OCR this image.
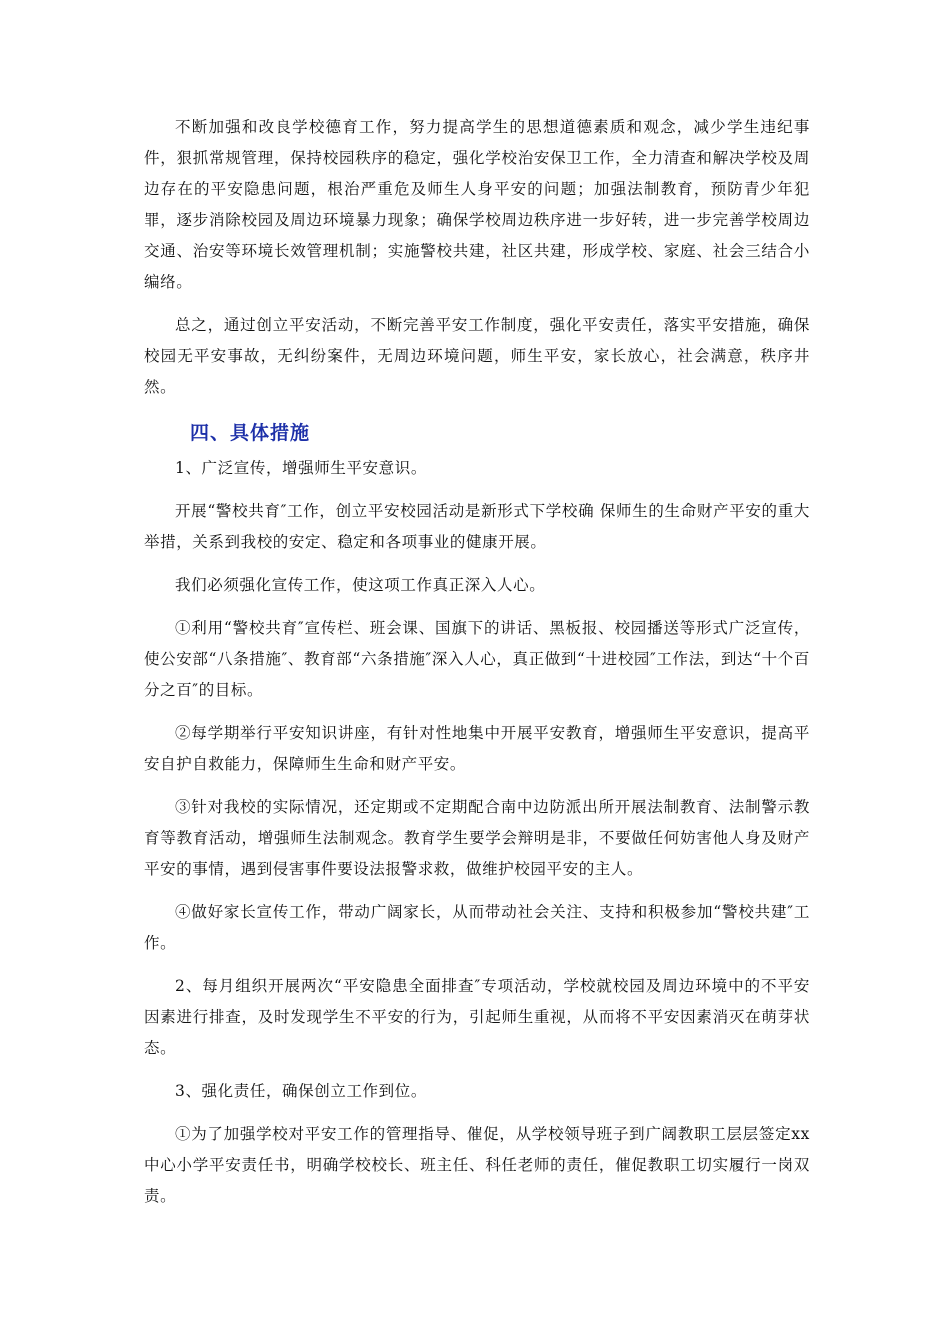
不断加强和改良学校德育工作，努力提高学生的思想道德素质和观念，减少学生违纪事件，狠抓常规管理，保持校园秩序的稳定，强化学校治安保卫工作，全力清查和解决学校及周边存在的平安隐患问题，根治严重危及师生人身平安的问题；加强法制教育，预防青少年犯罪，逐步消除校园及周边环境暴力现象；确保学校周边秩序进一步好转，进一步完善学校周边交通、治安等环境长效管理机制；实施警校共建，社区共建，形成学校、家庭、社会三结合小编络。

总之，通过创立平安活动，不断完善平安工作制度，强化平安责任，落实平安措施，确保校园无平安事故，无纠纷案件，无周边环境问题，师生平安，家长放心，社会满意，秩序井然。

四、具体措施

1、广泛宣传，增强师生平安意识。

开展“警校共育″工作，创立平安校园活动是新形式下学校确 保师生的生命财产平安的重大举措，关系到我校的安定、稳定和各项事业的健康开展。

我们必须强化宣传工作，使这项工作真正深入人心。

①利用“警校共育″宣传栏、班会课、国旗下的讲话、黑板报、校园播送等形式广泛宣传，使公安部“八条措施″、教育部“六条措施″深入人心，真正做到“十进校园″工作法，到达“十个百分之百″的目标。

②每学期举行平安知识讲座，有针对性地集中开展平安教育，增强师生平安意识，提高平安自护自救能力，保障师生生命和财产平安。

③针对我校的实际情况，还定期或不定期配合南中边防派出所开展法制教育、法制警示教育等教育活动，增强师生法制观念。教育学生要学会辩明是非，不要做任何妨害他人身及财产平安的事情，遇到侵害事件要设法报警求救，做维护校园平安的主人。

④做好家长宣传工作，带动广阔家长，从而带动社会关注、支持和积极参加“警校共建″工作。

2、每月组织开展两次“平安隐患全面排查″专项活动，学校就校园及周边环境中的不平安因素进行排查，及时发现学生不平安的行为，引起师生重视，从而将不平安因素消灭在萌芽状态。

3、强化责任，确保创立工作到位。

①为了加强学校对平安工作的管理指导、催促，从学校领导班子到广阔教职工层层签定xx中心小学平安责任书，明确学校校长、班主任、科任老师的责任，催促教职工切实履行一岗双责。
